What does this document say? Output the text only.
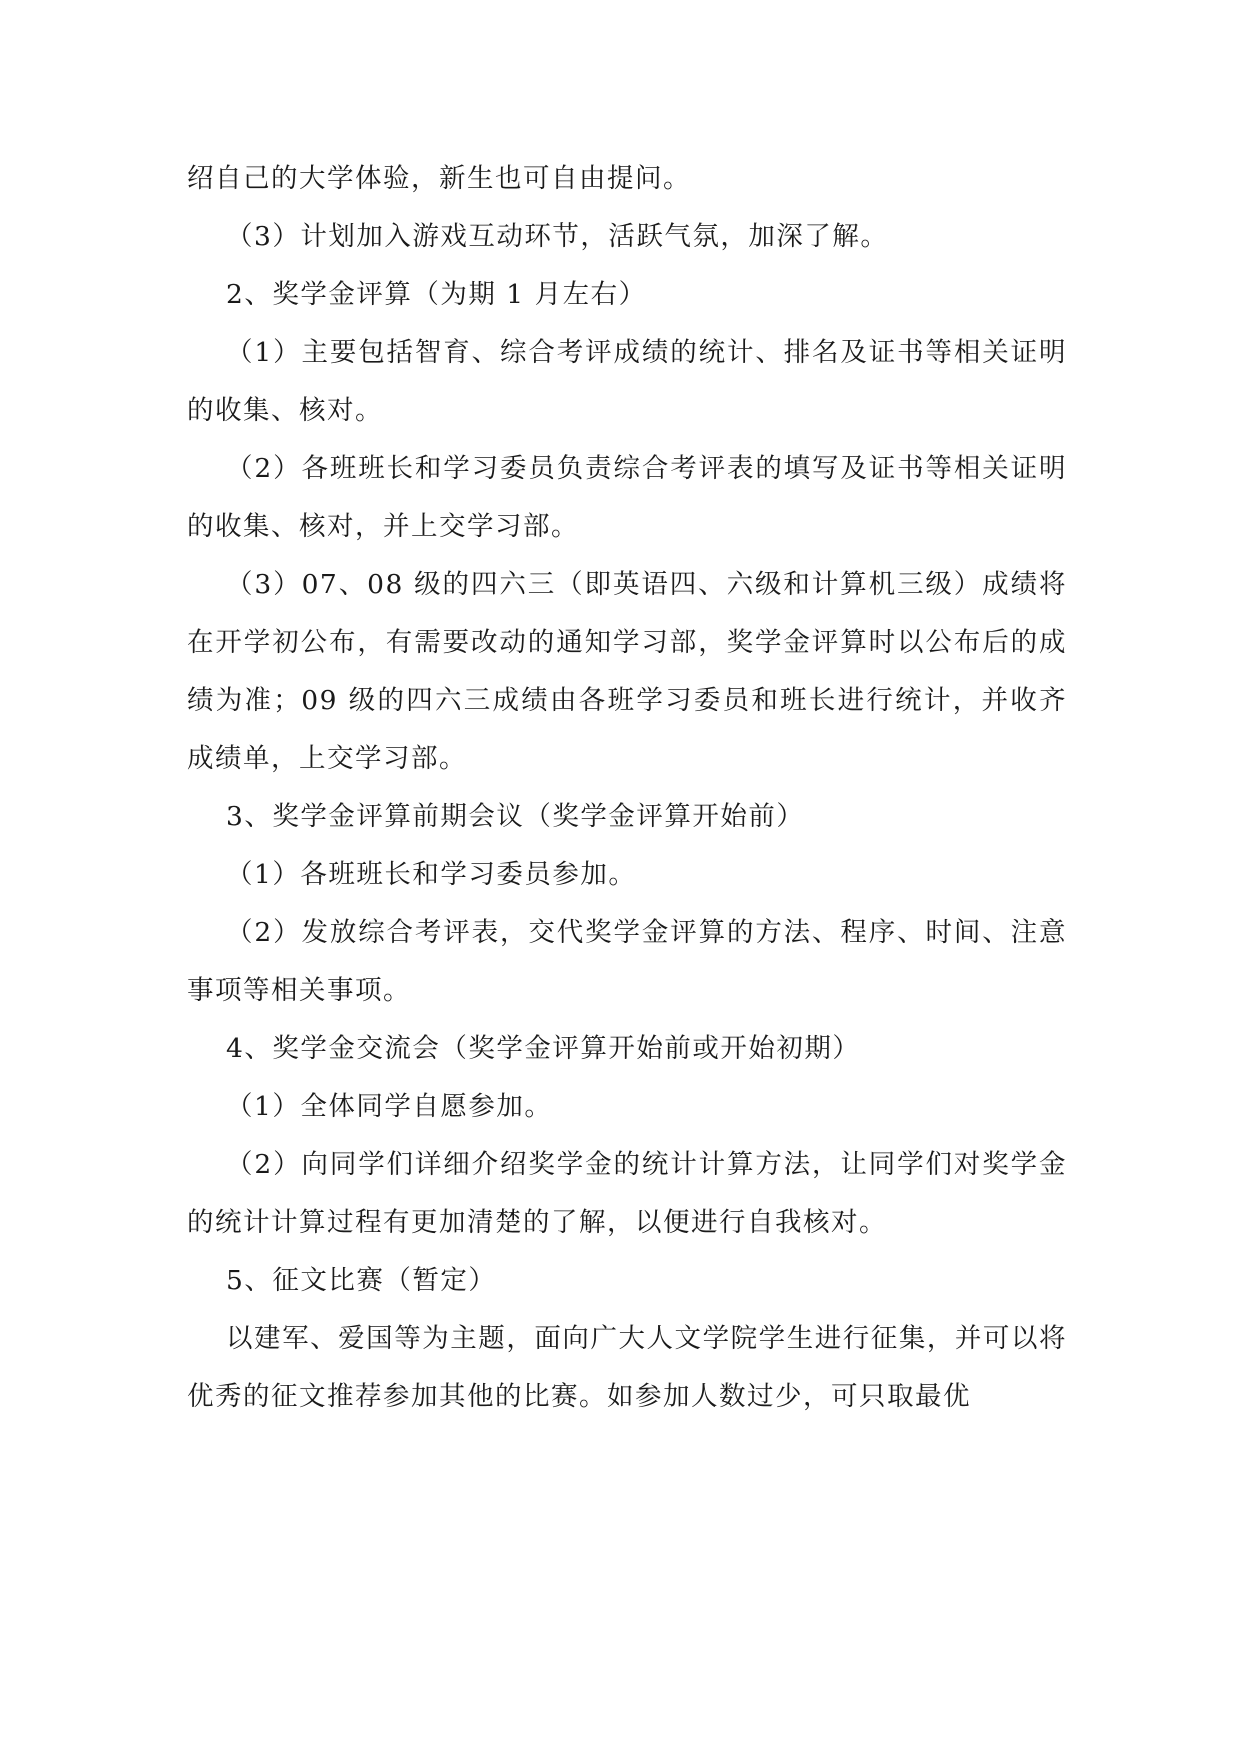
绍自己的大学体验，新生也可自由提问。

（3）计划加入游戏互动环节，活跃气氛，加深了解。

2、奖学金评算（为期 1 月左右）

（1）主要包括智育、综合考评成绩的统计、排名及证书等相关证明的收集、核对。

（2）各班班长和学习委员负责综合考评表的填写及证书等相关证明的收集、核对，并上交学习部。

（3）07、08 级的四六三（即英语四、六级和计算机三级）成绩将在开学初公布，有需要改动的通知学习部，奖学金评算时以公布后的成绩为准；09 级的四六三成绩由各班学习委员和班长进行统计，并收齐成绩单，上交学习部。

3、奖学金评算前期会议（奖学金评算开始前）

（1）各班班长和学习委员参加。

（2）发放综合考评表，交代奖学金评算的方法、程序、时间、注意事项等相关事项。

4、奖学金交流会（奖学金评算开始前或开始初期）

（1）全体同学自愿参加。

（2）向同学们详细介绍奖学金的统计计算方法，让同学们对奖学金的统计计算过程有更加清楚的了解，以便进行自我核对。

5、征文比赛（暂定）

以建军、爱国等为主题，面向广大人文学院学生进行征集，并可以将优秀的征文推荐参加其他的比赛。如参加人数过少，可只取最优
